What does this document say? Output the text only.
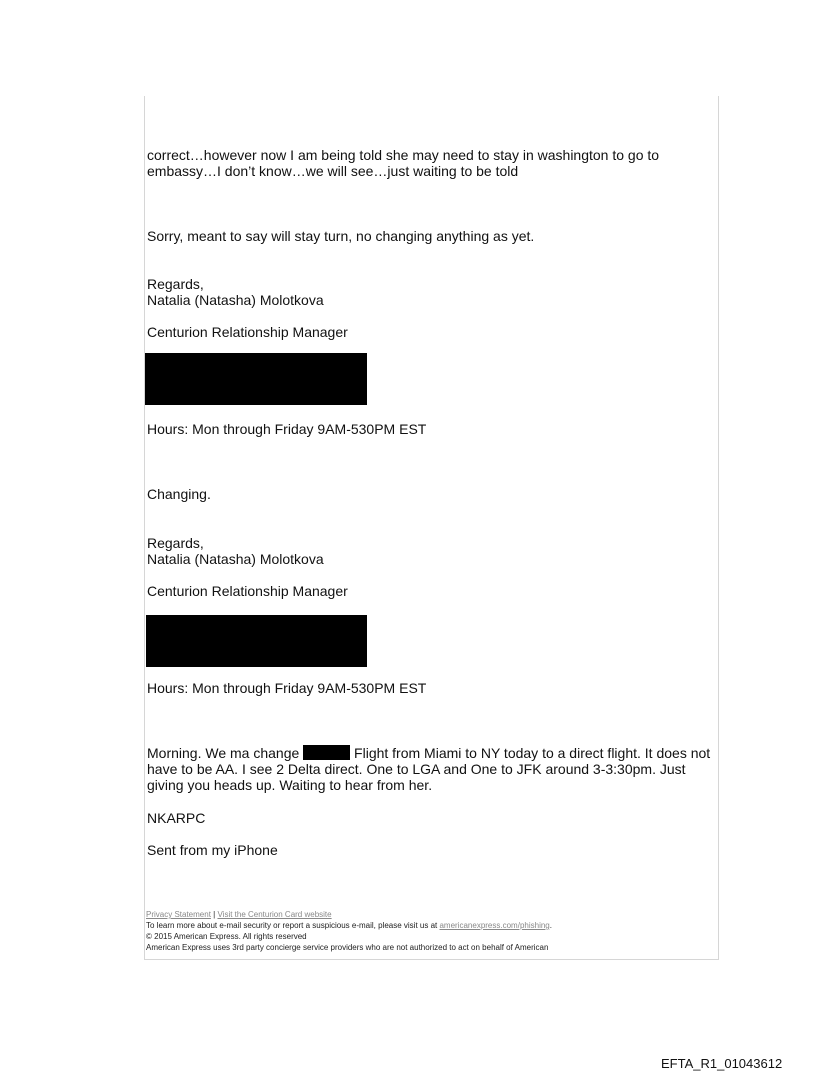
correct…however now I am being told she may need to stay in washington to go to

embassy…I don’t know…we will see…just waiting to be told

Sorry, meant to say will stay turn, no changing anything as yet.

Regards,

Natalia (Natasha) Molotkova

Centurion Relationship Manager

Hours: Mon through Friday 9AM-530PM EST

Changing.

Regards,

Natalia (Natasha) Molotkova

Centurion Relationship Manager

Hours: Mon through Friday 9AM-530PM EST

Morning. We ma change	Flight from Miami to NY today to a direct flight. It does not

have to be AA. I see 2 Delta direct. One to LGA and One to JFK around 3-3:30pm. Just

giving you heads up. Waiting to hear from her.

NKARPC

Sent from my iPhone

Privacy Statement | Visit the Centurion Card website
To learn more about e-mail security or report a suspicious e-mail, please visit us at americanexpress.com/phishing.
© 2015 American Express. All rights reserved
American Express uses 3rd party concierge service providers who are not authorized to act on behalf of American
EFTA_R1_01043612
